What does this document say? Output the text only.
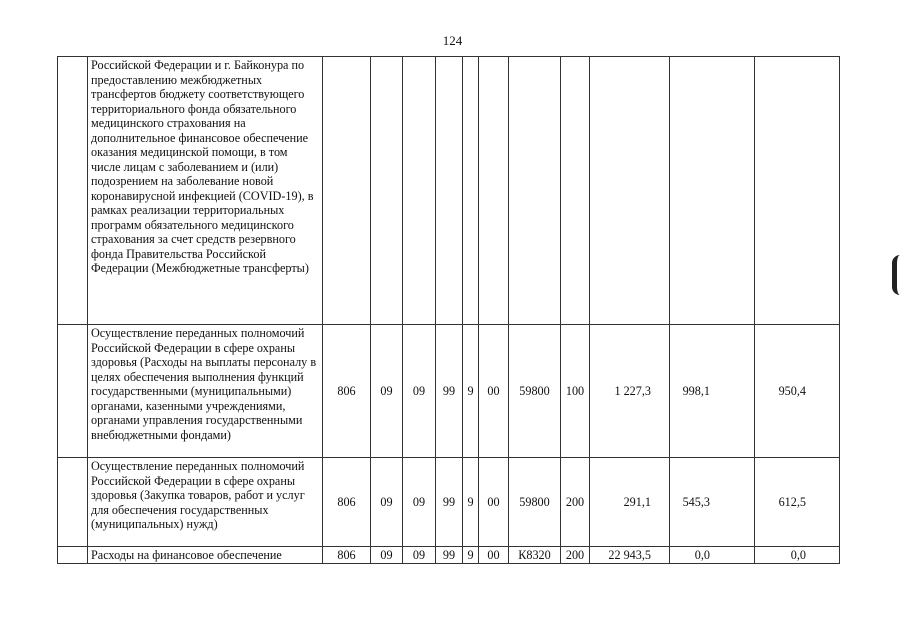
124
	Российской Федерации и г. Байконура по предоставлению межбюджетных трансфертов бюджету соответствующего территориального фонда обязательного медицинского страхования на дополнительное финансовое обеспечение оказания медицинской помощи, в том числе лицам с заболеванием и (или) подозрением на заболевание новой коронавирусной инфекцией (COVID-19), в рамках реализации территориальных программ обязательного медицинского страхования за счет средств резервного фонда Правительства Российской Федерации (Межбюджетные трансферты)											
	Осуществление переданных полномочий Российской Федерации в сфере охраны здоровья (Расходы на выплаты персоналу в целях обеспечения выполнения функций государственными (муниципальными) органами, казенными учреждениями, органами управления государственными внебюджетными фондами)	806	09	09	99	9	00	59800	100	1 227,3	998,1	950,4
	Осуществление переданных полномочий Российской Федерации в сфере охраны здоровья (Закупка товаров, работ и услуг для обеспечения государственных (муниципальных) нужд)	806	09	09	99	9	00	59800	200	291,1	545,3	612,5
	Расходы на финансовое обеспечение	806	09	09	99	9	00	К8320	200	22 943,5	0,0	0,0
